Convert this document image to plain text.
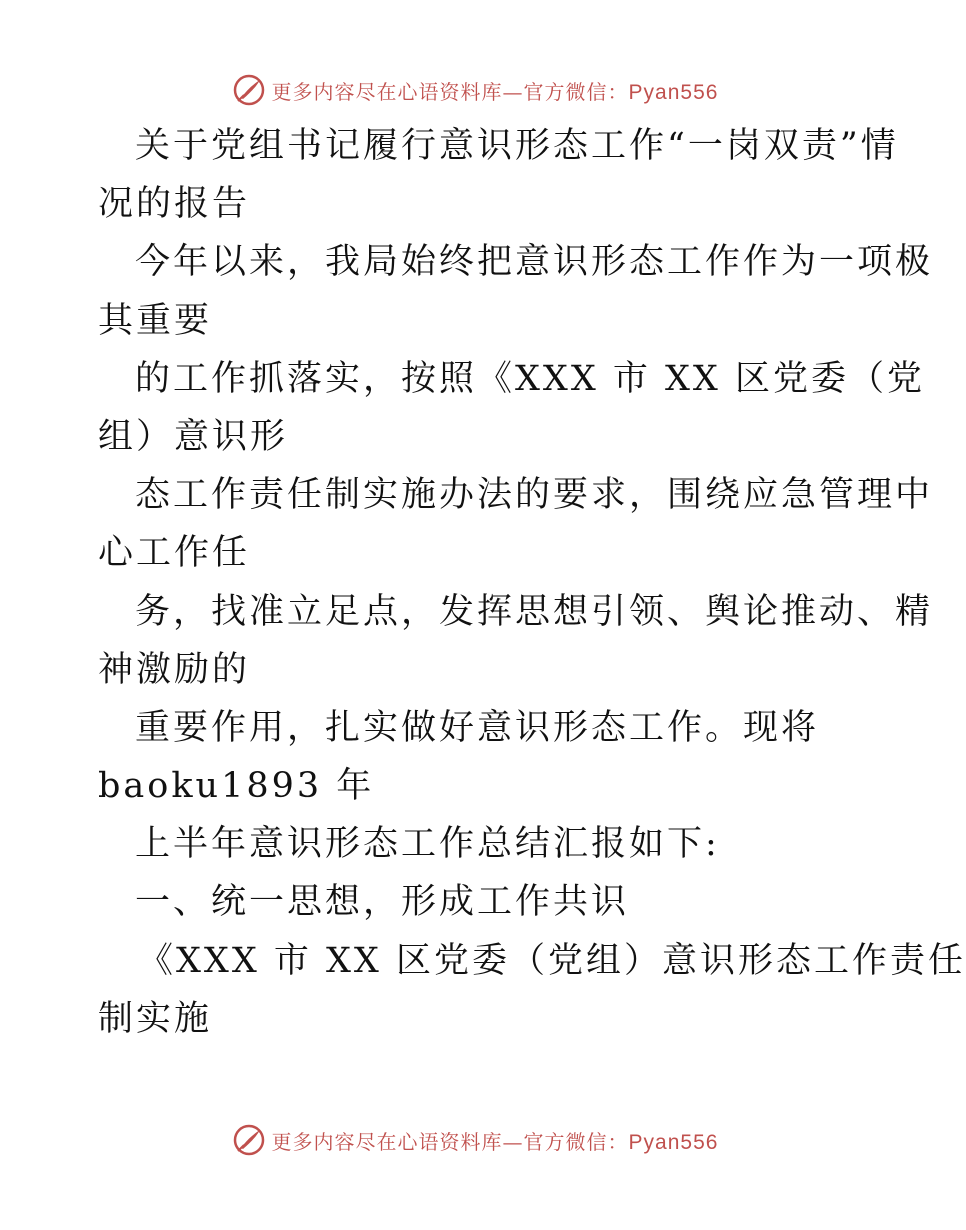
更多内容尽在心语资料库—官方微信：Pyan556
关于党组书记履行意识形态工作“一岗双责”情
况的报告
今年以来，我局始终把意识形态工作作为一项极
其重要
的工作抓落实，按照《XXX 市 XX 区党委（党
组）意识形
态工作责任制实施办法的要求，围绕应急管理中
心工作任
务，找准立足点，发挥思想引领、舆论推动、精
神激励的
重要作用，扎实做好意识形态工作。现将
baoku1893 年
上半年意识形态工作总结汇报如下:
一、统一思想，形成工作共识
《XXX 市 XX 区党委（党组）意识形态工作责任
制实施
更多内容尽在心语资料库—官方微信：Pyan556
